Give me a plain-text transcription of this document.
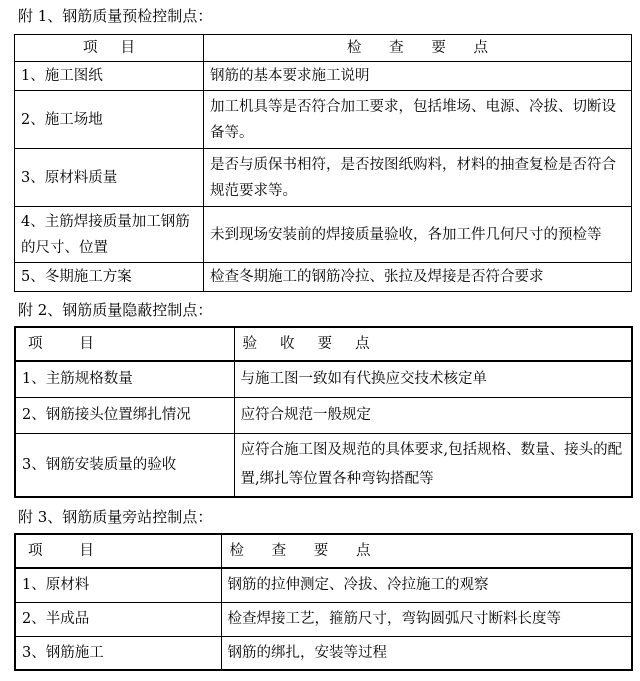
附 1、钢筋质量预检控制点：
项     目	检      查      要      点
1、施工图纸	钢筋的基本要求施工说明
2、施工场地	加工机具等是否符合加工要求，包括堆场、电源、冷拔、切断设备等。
3、原材料质量	是否与质保书相符，是否按图纸购料，材料的抽查复检是否符合规范要求等。
4、主筋焊接质量加工钢筋的尺寸、位置	未到现场安装前的焊接质量验收，各加工件几何尺寸的预检等
5、冬期施工方案	检查冬期施工的钢筋冷拉、张拉及焊接是否符合要求
附 2、钢筋质量隐蔽控制点：
项        目	验     收     要     点
1、主筋规格数量	与施工图一致如有代换应交技术核定单
2、钢筋接头位置绑扎情况	应符合规范一般规定
3、钢筋安装质量的验收	应符合施工图及规范的具体要求,包括规格、数量、接头的配置,绑扎等位置各种弯钩搭配等
附 3、钢筋质量旁站控制点：
项        目	检      查      要      点
1、原材料	钢筋的拉伸测定、冷拔、冷拉施工的观察
2、半成品	检查焊接工艺，箍筋尺寸，弯钩圆弧尺寸断料长度等
3、钢筋施工	钢筋的绑扎，安装等过程
